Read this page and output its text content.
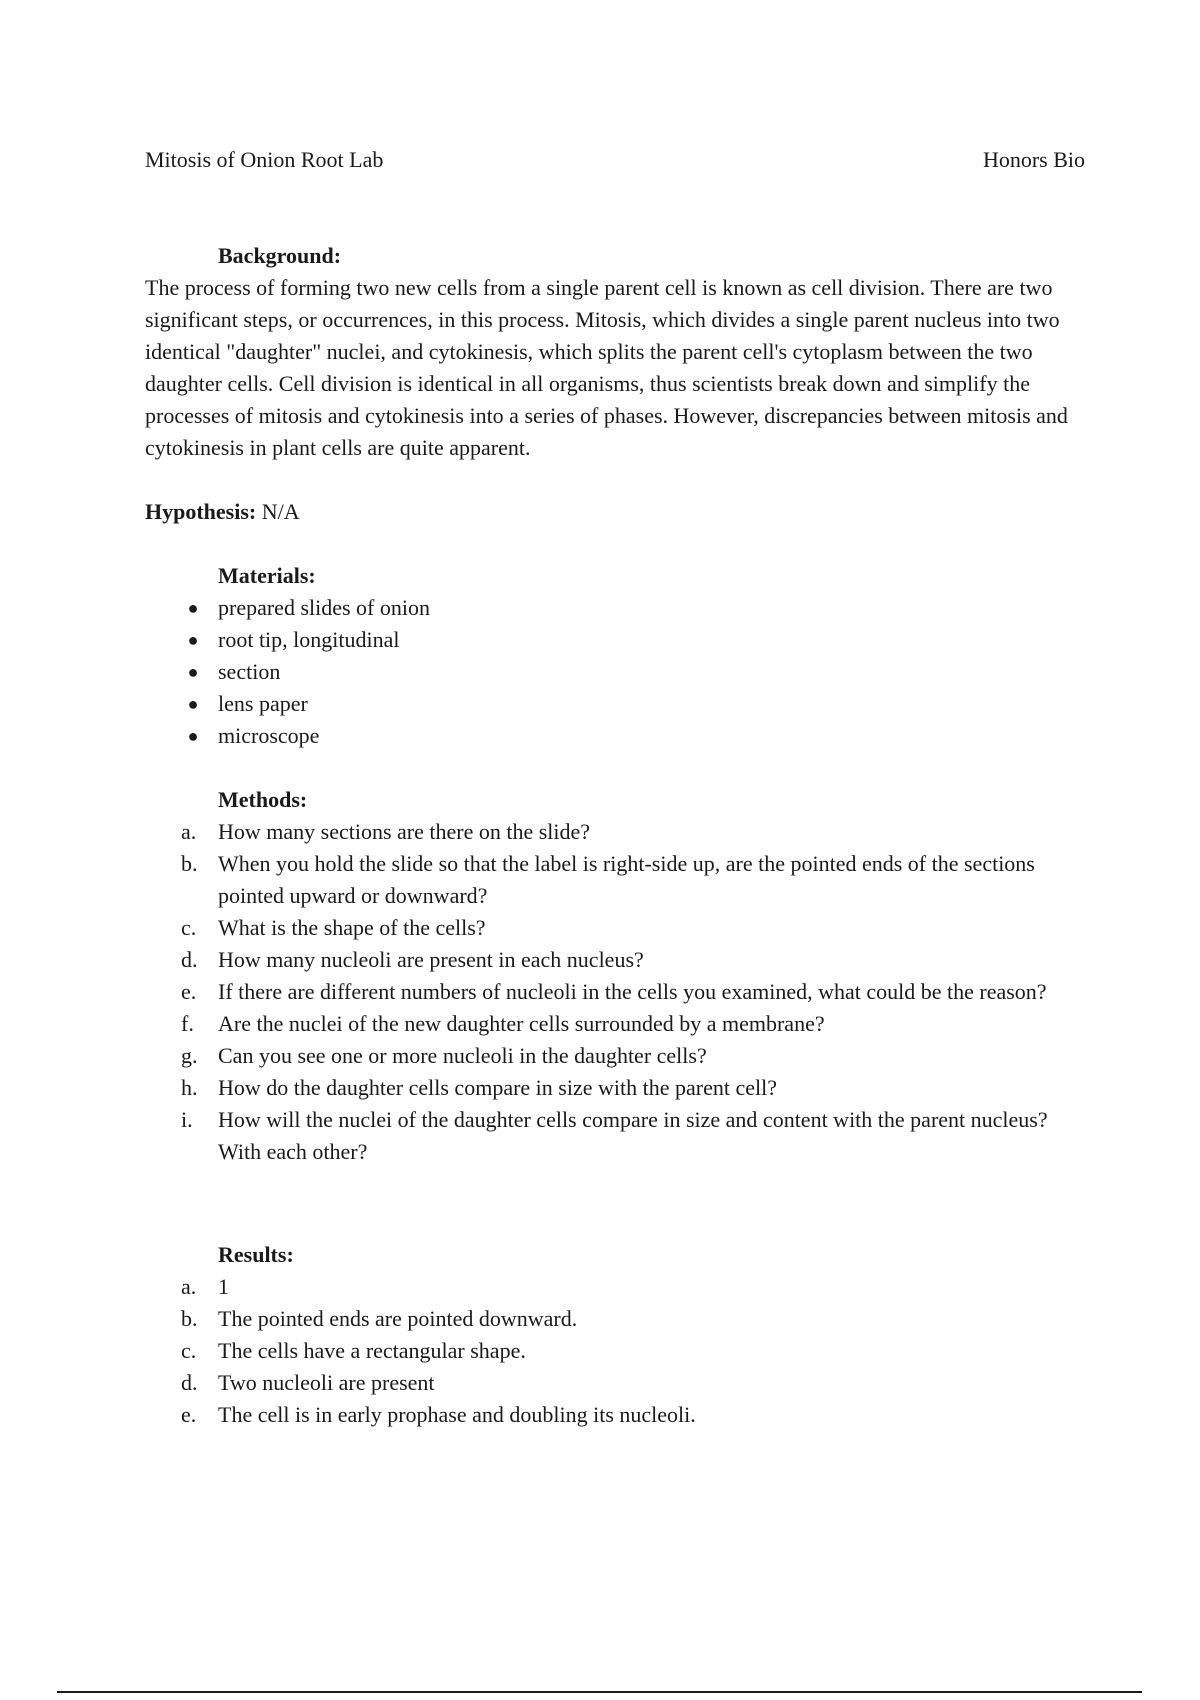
Mitosis of Onion Root Lab	Honors Bio

Background:

The process of forming two new cells from a single parent cell is known as cell division. There are two significant steps, or occurrences, in this process. Mitosis, which divides a single parent nucleus into two identical "daughter" nuclei, and cytokinesis, which splits the parent cell's cytoplasm between the two daughter cells. Cell division is identical in all organisms, thus scientists break down and simplify the processes of mitosis and cytokinesis into a series of phases. However, discrepancies between mitosis and cytokinesis in plant cells are quite apparent.

Hypothesis: N/A

Materials:

● prepared slides of onion
● root tip, longitudinal
● section
● lens paper
● microscope

Methods:

a. How many sections are there on the slide?
b. When you hold the slide so that the label is right-side up, are the pointed ends of the sections pointed upward or downward?
c. What is the shape of the cells?
d. How many nucleoli are present in each nucleus?
e. If there are different numbers of nucleoli in the cells you examined, what could be the reason?
f.	Are the nuclei of the new daughter cells surrounded by a membrane?
g. Can you see one or more nucleoli in the daughter cells?
h. How do the daughter cells compare in size with the parent cell?
i.	How will the nuclei of the daughter cells compare in size and content with the parent nucleus? With each other?

Results:

a. 1
b. The pointed ends are pointed downward.
c. The cells have a rectangular shape.
d. Two nucleoli are present
e. The cell is in early prophase and doubling its nucleoli.
